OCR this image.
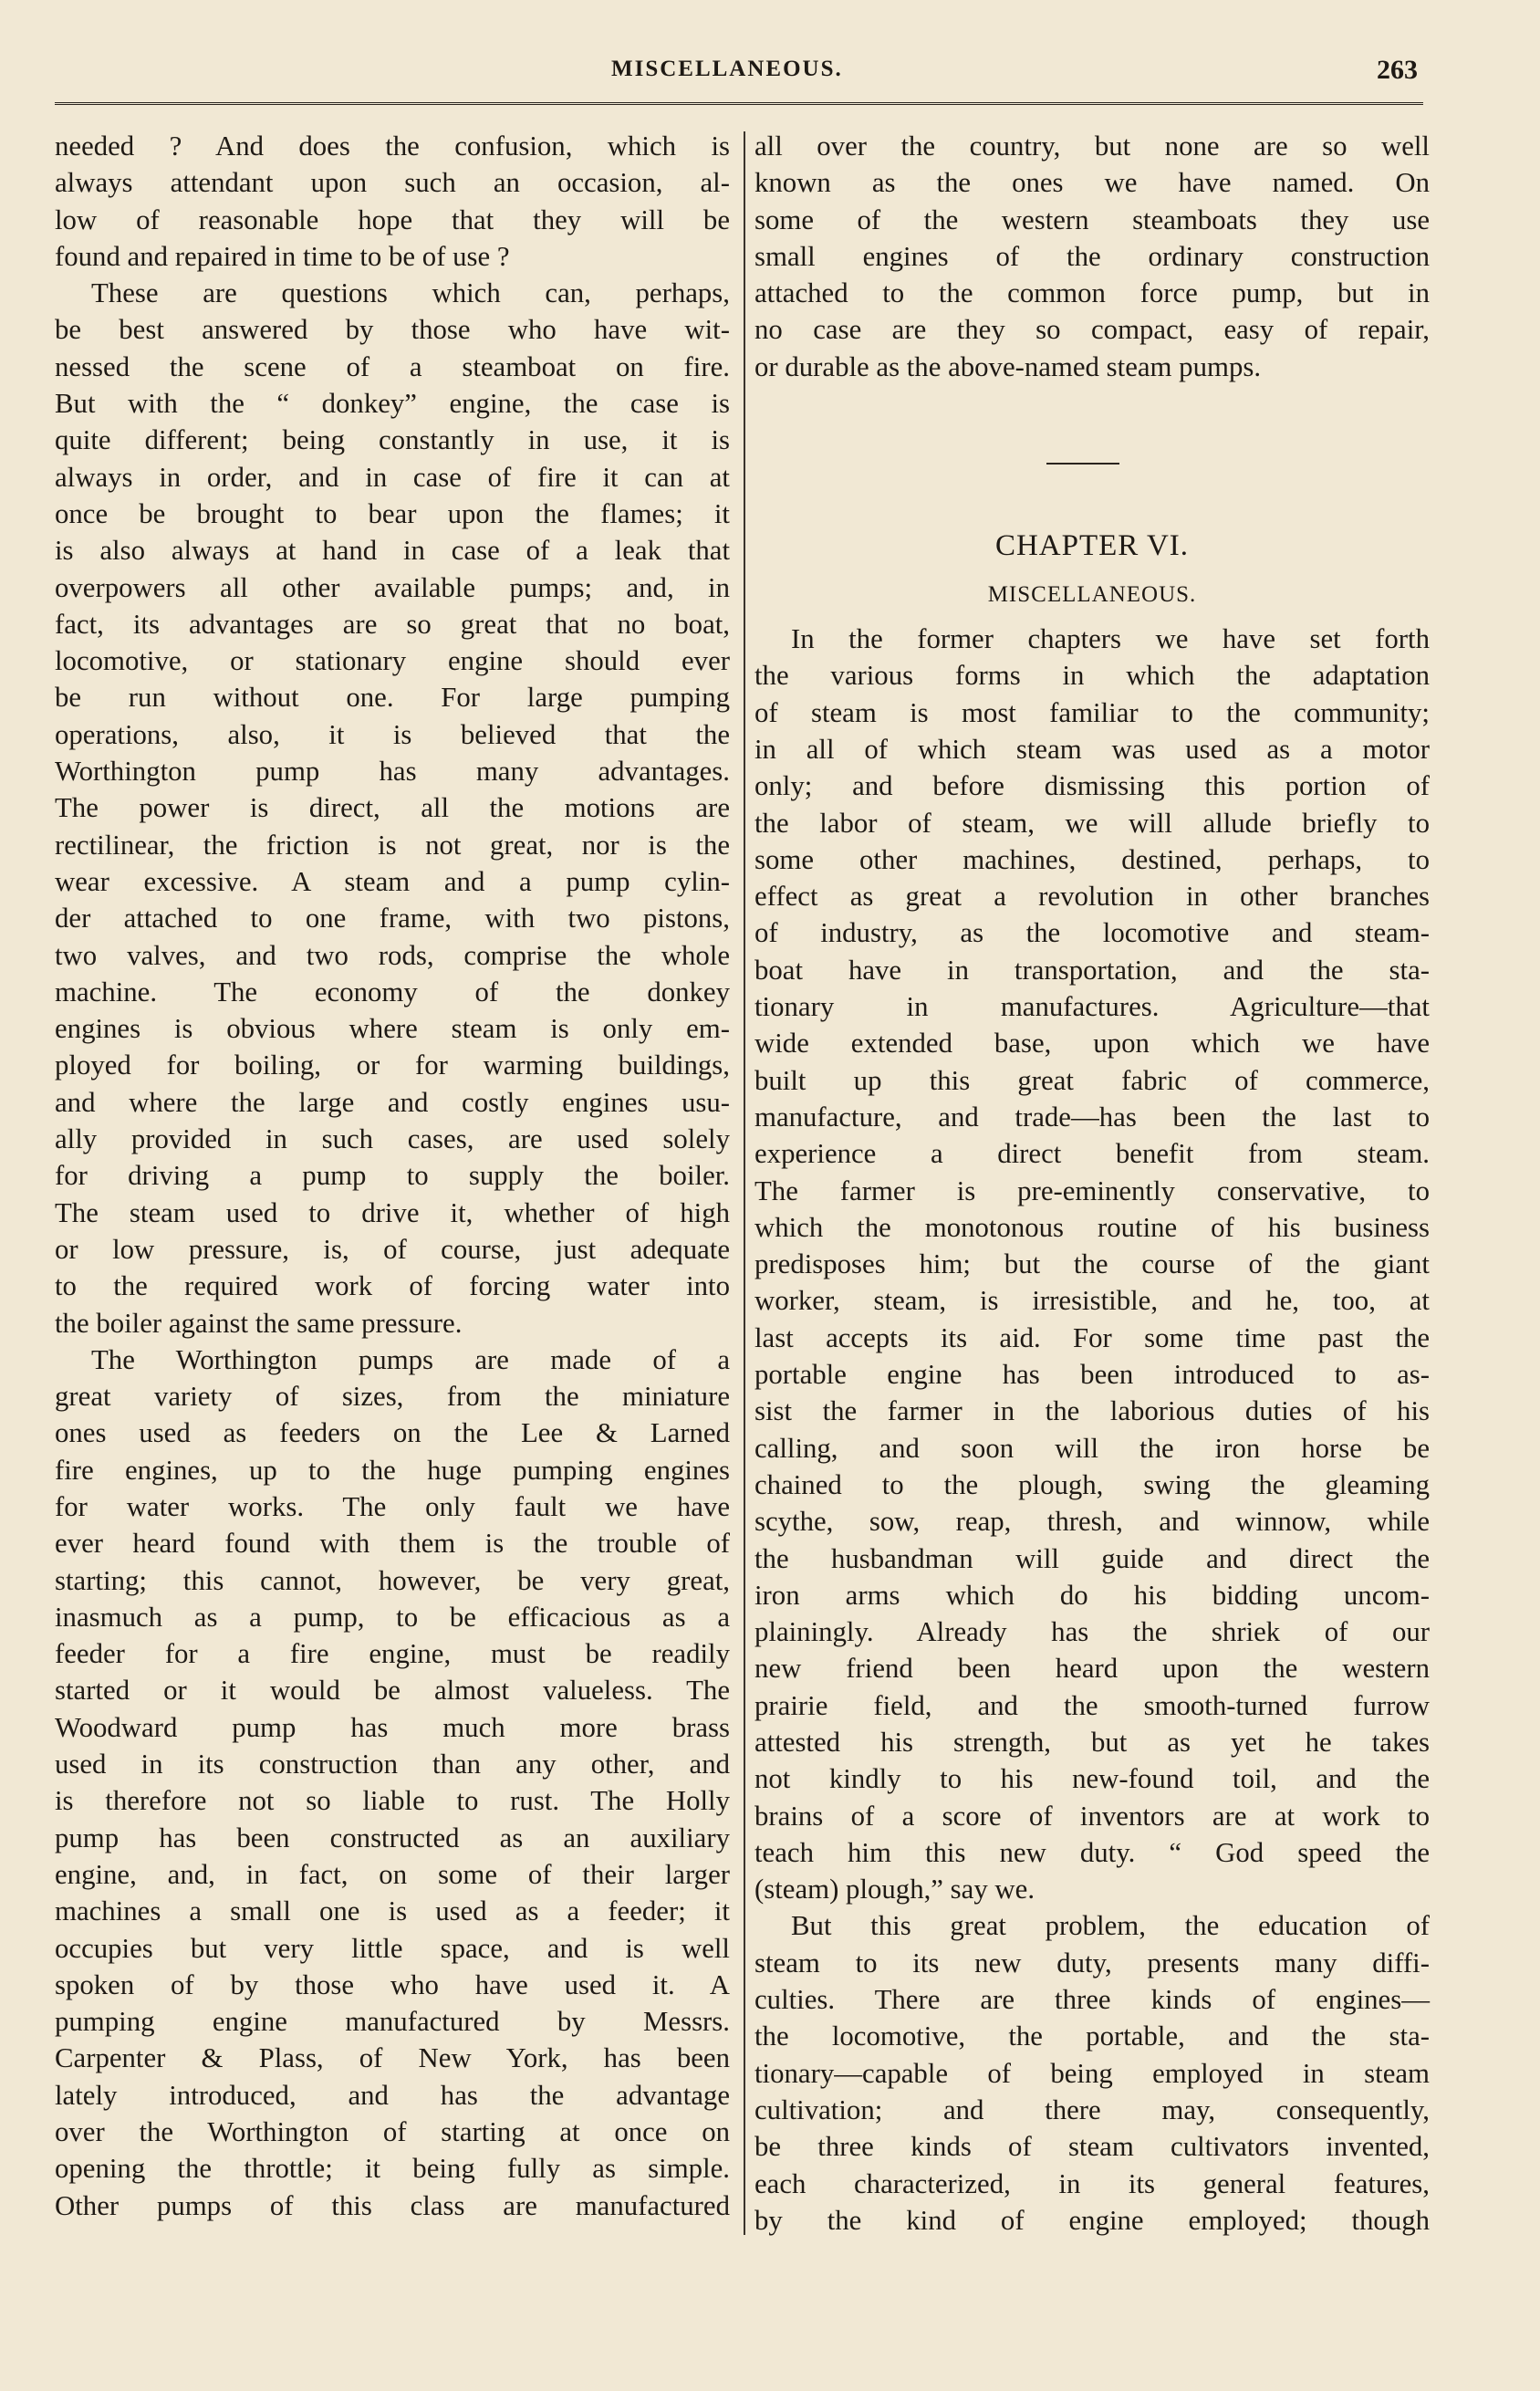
MISCELLANEOUS.	263
needed ? And does the confusion, which is
always attendant upon such an occasion, al-
low of reasonable hope that they will be
found and repaired in time to be of use ?
These are questions which can, perhaps,
be best answered by those who have wit-
nessed the scene of a steamboat on fire.
But with the “ donkey” engine, the case is
quite different; being constantly in use, it is
always in order, and in case of fire it can at
once be brought to bear upon the flames; it
is also always at hand in case of a leak that
overpowers all other available pumps; and, in
fact, its advantages are so great that no boat,
locomotive, or stationary engine should ever
be run without one. For large pumping
operations, also, it is believed that the
Worthington pump has many advantages.
The power is direct, all the motions are
rectilinear, the friction is not great, nor is the
wear excessive. A steam and a pump cylin-
der attached to one frame, with two pistons,
two valves, and two rods, comprise the whole
machine. The economy of the donkey
engines is obvious where steam is only em-
ployed for boiling, or for warming buildings,
and where the large and costly engines usu-
ally provided in such cases, are used solely
for driving a pump to supply the boiler.
The steam used to drive it, whether of high
or low pressure, is, of course, just adequate
to the required work of forcing water into
the boiler against the same pressure.
The Worthington pumps are made of a
great variety of sizes, from the miniature
ones used as feeders on the Lee & Larned
fire engines, up to the huge pumping engines
for water works. The only fault we have
ever heard found with them is the trouble of
starting; this cannot, however, be very great,
inasmuch as a pump, to be efficacious as a
feeder for a fire engine, must be readily
started or it would be almost valueless. The
Woodward pump has much more brass
used in its construction than any other, and
is therefore not so liable to rust. The Holly
pump has been constructed as an auxiliary
engine, and, in fact, on some of their larger
machines a small one is used as a feeder; it
occupies but very little space, and is well
spoken of by those who have used it. A
pumping engine manufactured by Messrs.
Carpenter & Plass, of New York, has been
lately introduced, and has the advantage
over the Worthington of starting at once on
opening the throttle; it being fully as simple.
Other pumps of this class are manufactured
all over the country, but none are so well
known as the ones we have named. On
some of the western steamboats they use
small engines of the ordinary construction
attached to the common force pump, but in
no case are they so compact, easy of repair,
or durable as the above-named steam pumps.
CHAPTER VI.
MISCELLANEOUS.
In the former chapters we have set forth
the various forms in which the adaptation
of steam is most familiar to the community;
in all of which steam was used as a motor
only; and before dismissing this portion of
the labor of steam, we will allude briefly to
some other machines, destined, perhaps, to
effect as great a revolution in other branches
of industry, as the locomotive and steam-
boat have in transportation, and the sta-
tionary in manufactures. Agriculture—that
wide extended base, upon which we have
built up this great fabric of commerce,
manufacture, and trade—has been the last to
experience a direct benefit from steam.
The farmer is pre-eminently conservative, to
which the monotonous routine of his business
predisposes him; but the course of the giant
worker, steam, is irresistible, and he, too, at
last accepts its aid. For some time past the
portable engine has been introduced to as-
sist the farmer in the laborious duties of his
calling, and soon will the iron horse be
chained to the plough, swing the gleaming
scythe, sow, reap, thresh, and winnow, while
the husbandman will guide and direct the
iron arms which do his bidding uncom-
plainingly. Already has the shriek of our
new friend been heard upon the western
prairie field, and the smooth-turned furrow
attested his strength, but as yet he takes
not kindly to his new-found toil, and the
brains of a score of inventors are at work to
teach him this new duty. “ God speed the
(steam) plough,” say we.
But this great problem, the education of
steam to its new duty, presents many diffi-
culties. There are three kinds of engines—
the locomotive, the portable, and the sta-
tionary—capable of being employed in steam
cultivation; and there may, consequently,
be three kinds of steam cultivators invented,
each characterized, in its general features,
by the kind of engine employed; though
